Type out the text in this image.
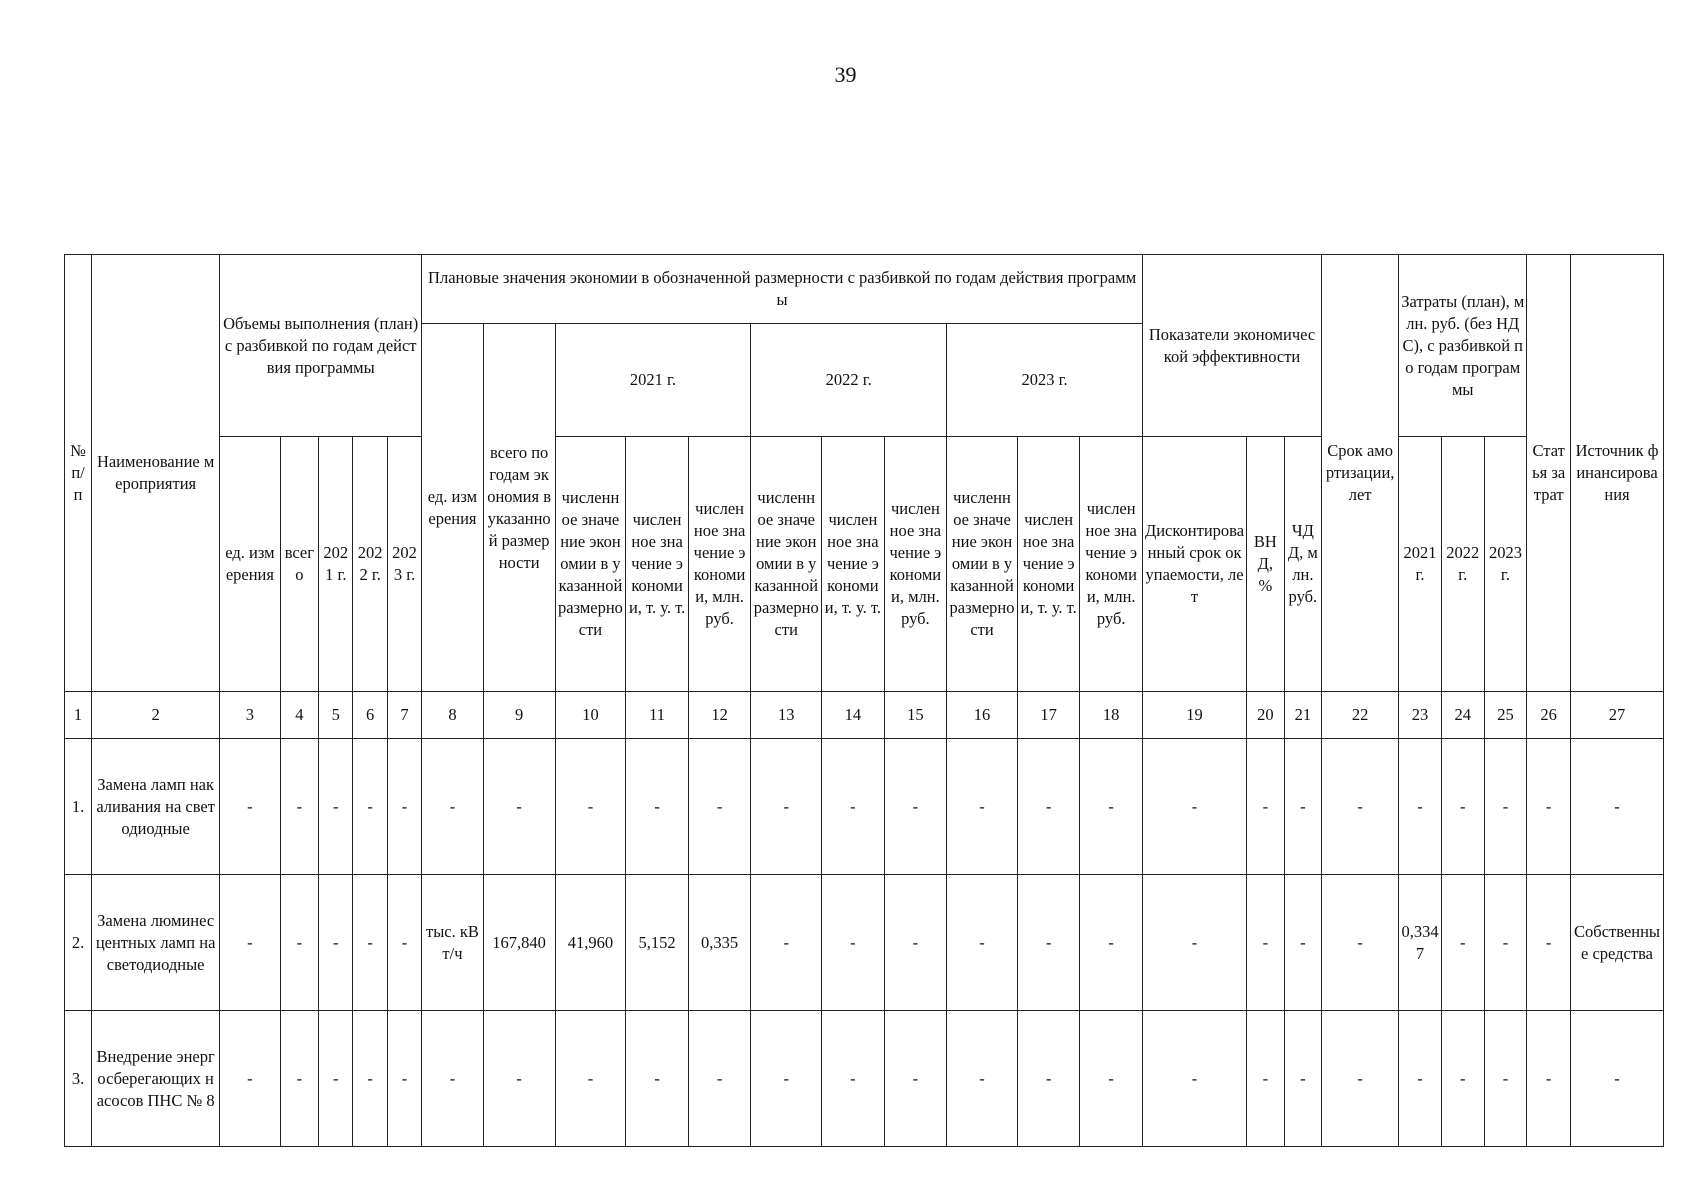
39
№ п/п	Наименование мероприятия	Объемы выполнения (план) с разбивкой по годам действия программы					Плановые значения экономии в обозначенной размерности с разбивкой по годам действия программы											Показатели экономической эффективности			Срок амортизации, лет	Затраты (план), млн. руб. (без НДС), с разбивкой по годам программы			Статья затрат	Источник финансирования
							ед. измерения	всего по годам экономия в указанной размерности	2021 г.			2022 г.			2023 г.											
		ед. измерения	всего	2021 г.	2022 г.	2023 г.			численное значение экономии в указанной размерности	численное значение экономии, т. у. т.	численное значение экономии, млн. руб.	численное значение экономии в указанной размерности	численное значение экономии, т. у. т.	численное значение экономии, млн. руб.	численное значение экономии в указанной размерности	численное значение экономии, т. у. т.	численное значение экономии, млн. руб.	Дисконтированный срок окупаемости, лет	ВНД, %	ЧДД, млн. руб.		2021 г.	2022 г.	2023 г.		
1	2	3	4	5	6	7	8	9	10	11	12	13	14	15	16	17	18	19	20	21	22	23	24	25	26	27
1.	Замена ламп накаливания на светодиодные	-	-	-	-	-	-	-	-	-	-	-	-	-	-	-	-	-	-	-	-	-	-	-	-	-
2.	Замена люминесцентных ламп на светодиодные	-	-	-	-	-	тыс. кВт/ч	167,840	41,960	5,152	0,335	-	-	-	-	-	-	-	-	-	-	0,3347	-	-	-	Собственные средства
3.	Внедрение энергосберегающих насосов ПНС № 8	-	-	-	-	-	-	-	-	-	-	-	-	-	-	-	-	-	-	-	-	-	-	-	-	-
